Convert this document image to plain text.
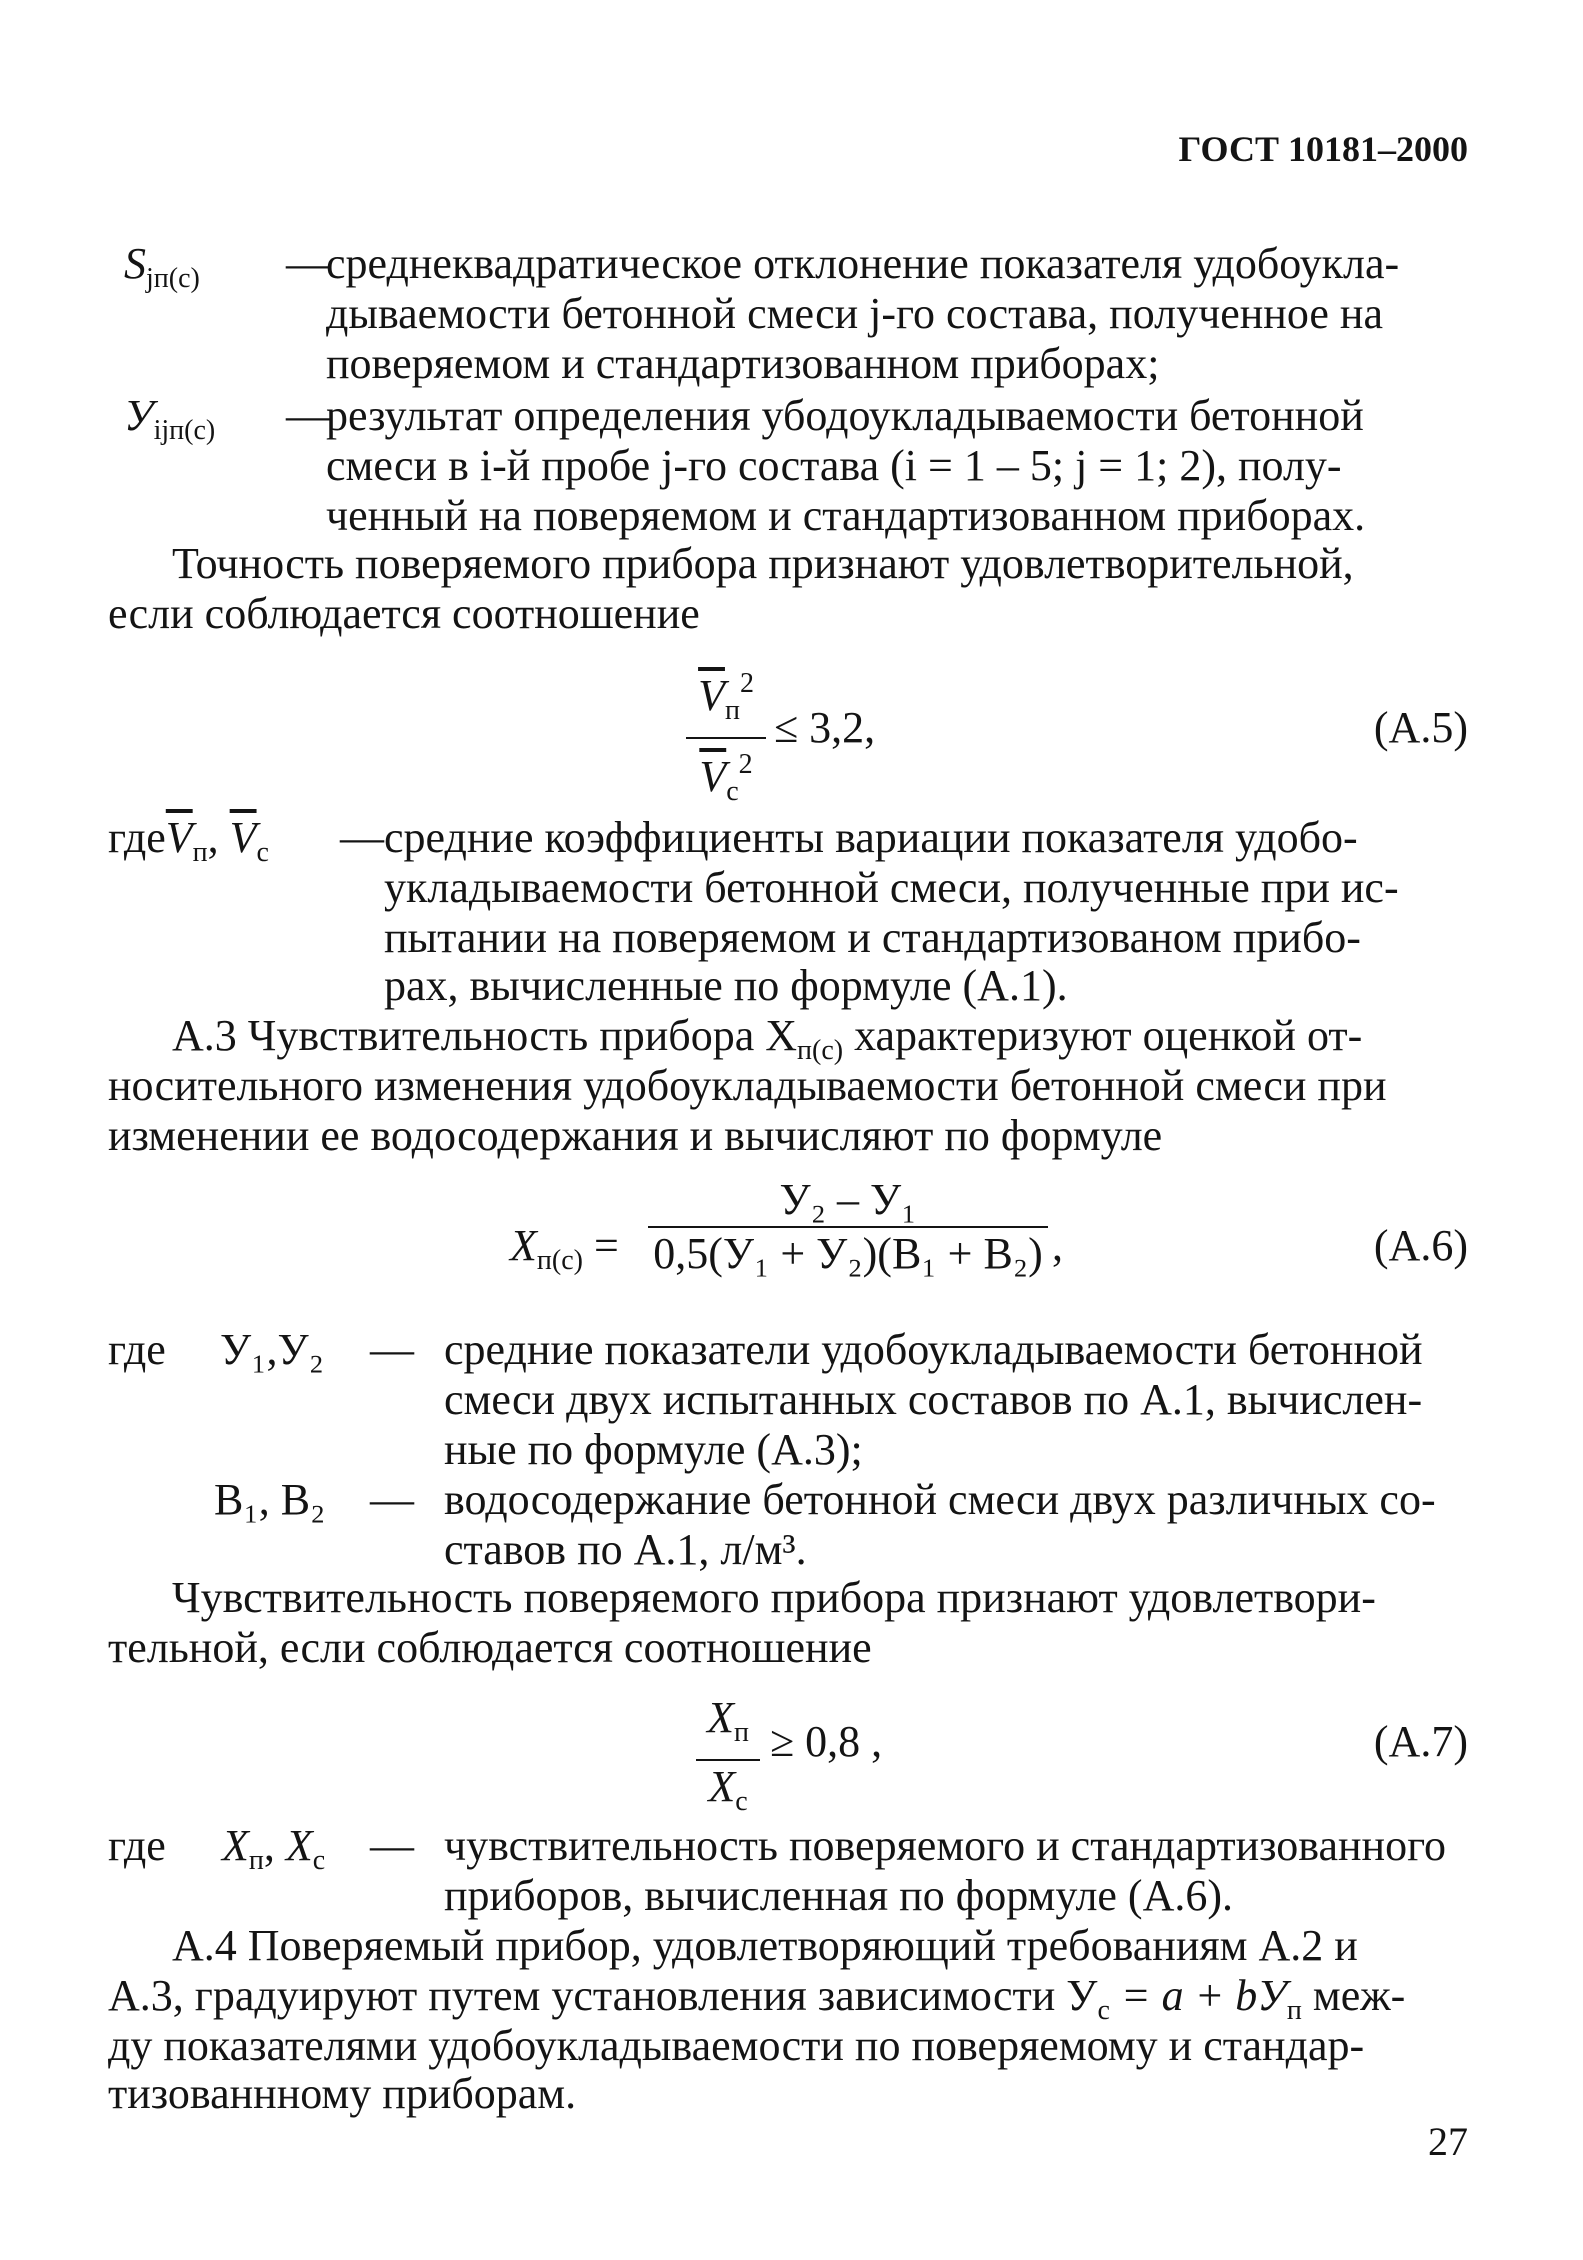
ГОСТ 10181–2000
$S_{jп(с)}$ —
среднеквадратическое отклонение показателя удобоукла-
дываемости бетонной смеси j-го состава, полученное на
поверяемом и стандартизованном приборах;
$У_{ijп(с)}$ —
результат определения убодоукладываемости бетонной
смеси в i-й пробе j-го состава (i = 1 – 5; j = 1; 2), полу-
ченный на поверяемом и стандартизованном приборах.
Точность поверяемого прибора признают удовлетворительной,
если соблюдается соотношение
$\overline{V}_п^2$
$\overline{V}_с^2$
≤ 3,2,	(А.5)
$где\overline{V}_п$, $\overline{V}_с$ — средние коэффициенты вариации показателя удобо-
укладываемости бетонной смеси, полученные при ис-
пытании на поверяемом и стандартизованом прибо-
рах, вычисленные по формуле (А.1).
А.3 Чувствительность прибора $X_{п(с)}$ характеризуют оценкой от-
носительного изменения удобоукладываемости бетонной смеси при
изменении ее водосодержания и вычисляют по формуле
$X_{п(с)}$ =
У₂ – У₁
0,5(У₁ + У₂)(В₁ + В₂) ,	(А.6)
где У₁,У₂ — средние показатели удобоукладываемости бетонной
смеси двух испытанных составов по А.1, вычислен-
ные по формуле (А.3);
В₁, В₂ — водосодержание бетонной смеси двух различных со-
ставов по А.1, л/м³.
Чувствительность поверяемого прибора признают удовлетвори-
тельной, если соблюдается соотношение
$X_п$
$X_с$
≥ 0,8 ,	(А.7)
где $X_п$, $X_с$ — чувствительность поверяемого и стандартизованного
приборов, вычисленная по формуле (А.6).
А.4 Поверяемый прибор, удовлетворяющий требованиям А.2 и
А.3, градуируют путем установления зависимости $У_с = a + bУ_п$ меж-
ду показателями удобоукладываемости по поверяемому и стандар-
тизованнному приборам.
27
